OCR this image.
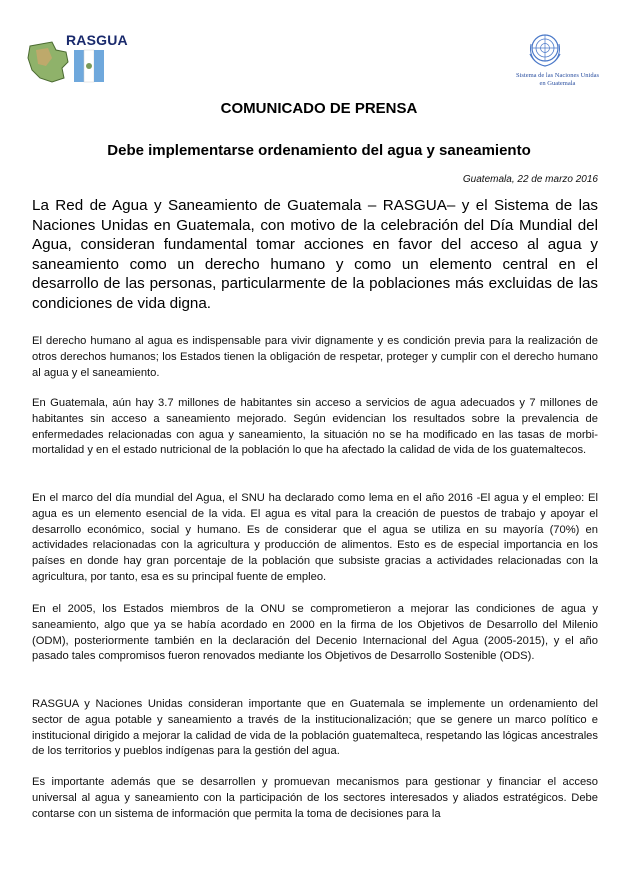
RASGUA
Sistema de las Naciones Unidas
en Guatemala
COMUNICADO DE PRENSA
Debe implementarse ordenamiento del agua y saneamiento
Guatemala, 22 de marzo 2016
La Red de Agua y Saneamiento de Guatemala – RASGUA– y el Sistema de las Naciones Unidas en Guatemala, con motivo de la celebración del Día Mundial del Agua, consideran fundamental tomar acciones en favor del acceso al agua y saneamiento como un derecho humano y como un elemento central en el desarrollo de las personas, particularmente de la poblaciones más excluidas de las condiciones de vida digna.
El derecho humano al agua es indispensable para vivir dignamente y es condición previa para la realización de otros derechos humanos; los Estados tienen la obligación de respetar, proteger y cumplir con el derecho humano al agua y el saneamiento.
En Guatemala, aún hay 3.7 millones de habitantes sin acceso a servicios de agua adecuados y 7 millones de habitantes sin acceso a saneamiento mejorado. Según evidencian los resultados sobre la prevalencia de enfermedades relacionadas con agua y saneamiento, la situación no se ha modificado en las tasas de morbi-mortalidad y en el estado nutricional de la población lo que ha afectado la calidad de vida de los guatemaltecos.
En el marco del día mundial del Agua, el SNU ha declarado como lema en el año 2016 -El agua y el empleo: El agua es un elemento esencial de la vida. El agua es vital para la creación de puestos de trabajo y apoyar el desarrollo económico, social y humano. Es de considerar que el agua se utiliza en su mayoría (70%) en actividades relacionadas con la agricultura y producción de alimentos. Esto es de especial importancia en los países en donde hay gran porcentaje de la población que subsiste gracias a actividades relacionadas con la agricultura, por tanto, esa es su principal fuente de empleo.
En el 2005, los Estados miembros de la ONU se comprometieron a mejorar las condiciones de agua y saneamiento, algo que ya se había acordado en 2000 en la firma de los Objetivos de Desarrollo del Milenio (ODM), posteriormente también en la declaración del Decenio Internacional del Agua (2005-2015), y el año pasado tales compromisos fueron renovados mediante los Objetivos de Desarrollo Sostenible (ODS).
RASGUA y Naciones Unidas consideran importante que en Guatemala se implemente un ordenamiento del sector de agua potable y saneamiento a través de la institucionalización; que se genere un marco político e institucional dirigido a mejorar la calidad de vida de la población guatemalteca, respetando las lógicas ancestrales de los territorios y pueblos indígenas para la gestión del agua.
Es importante además que se desarrollen y promuevan mecanismos para gestionar y financiar el acceso universal al agua y saneamiento con la participación de los sectores interesados y aliados estratégicos. Debe contarse con un sistema de información que permita la toma de decisiones para la
